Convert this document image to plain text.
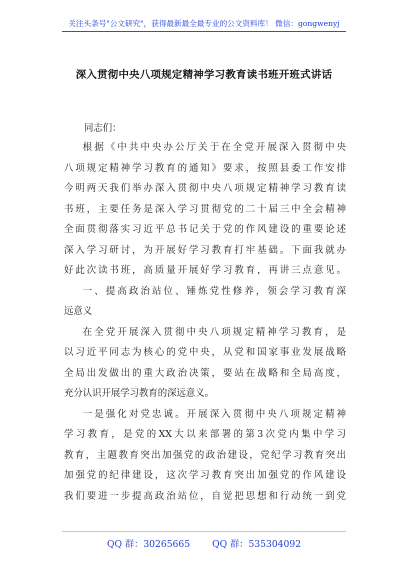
关注头条号"公文研究"，获得最新最全最专业的公文资料库！ 微信：gongwenyj
深入贯彻中央八项规定精神学习教育读书班开班式讲话
同志们：
根据《中共中央办公厅关于在全党开展深入贯彻中央
八项规定精神学习教育的通知》要求，按照县委工作安排
今明两天我们举办深入贯彻中央八项规定精神学习教育读
书班，主要任务是深入学习贯彻党的二十届三中全会精神
全面贯彻落实习近平总书记关于党的作风建设的重要论述
深入学习研讨，为开展好学习教育打牢基础。下面我就办
好此次读书班，高质量开展好学习教育，再讲三点意见。
一、提高政治站位、锤炼党性修养，领会学习教育深
远意义
在全党开展深入贯彻中央八项规定精神学习教育，是
以习近平同志为核心的党中央，从党和国家事业发展战略
全局出发做出的重大政治决策，要站在战略和全局高度，
充分认识开展学习教育的深远意义。
一是强化对党忠诚。开展深入贯彻中央八项规定精神
学习教育，是党的XX大以来部署的第3次党内集中学习
教育，主题教育突出加强党的政治建设，党纪学习教育突出
加强党的纪律建设，这次学习教育突出加强党的作风建设
我们要进一步提高政治站位，自觉把思想和行动统一到党
QQ 群：30265665 QQ 群：535304092
